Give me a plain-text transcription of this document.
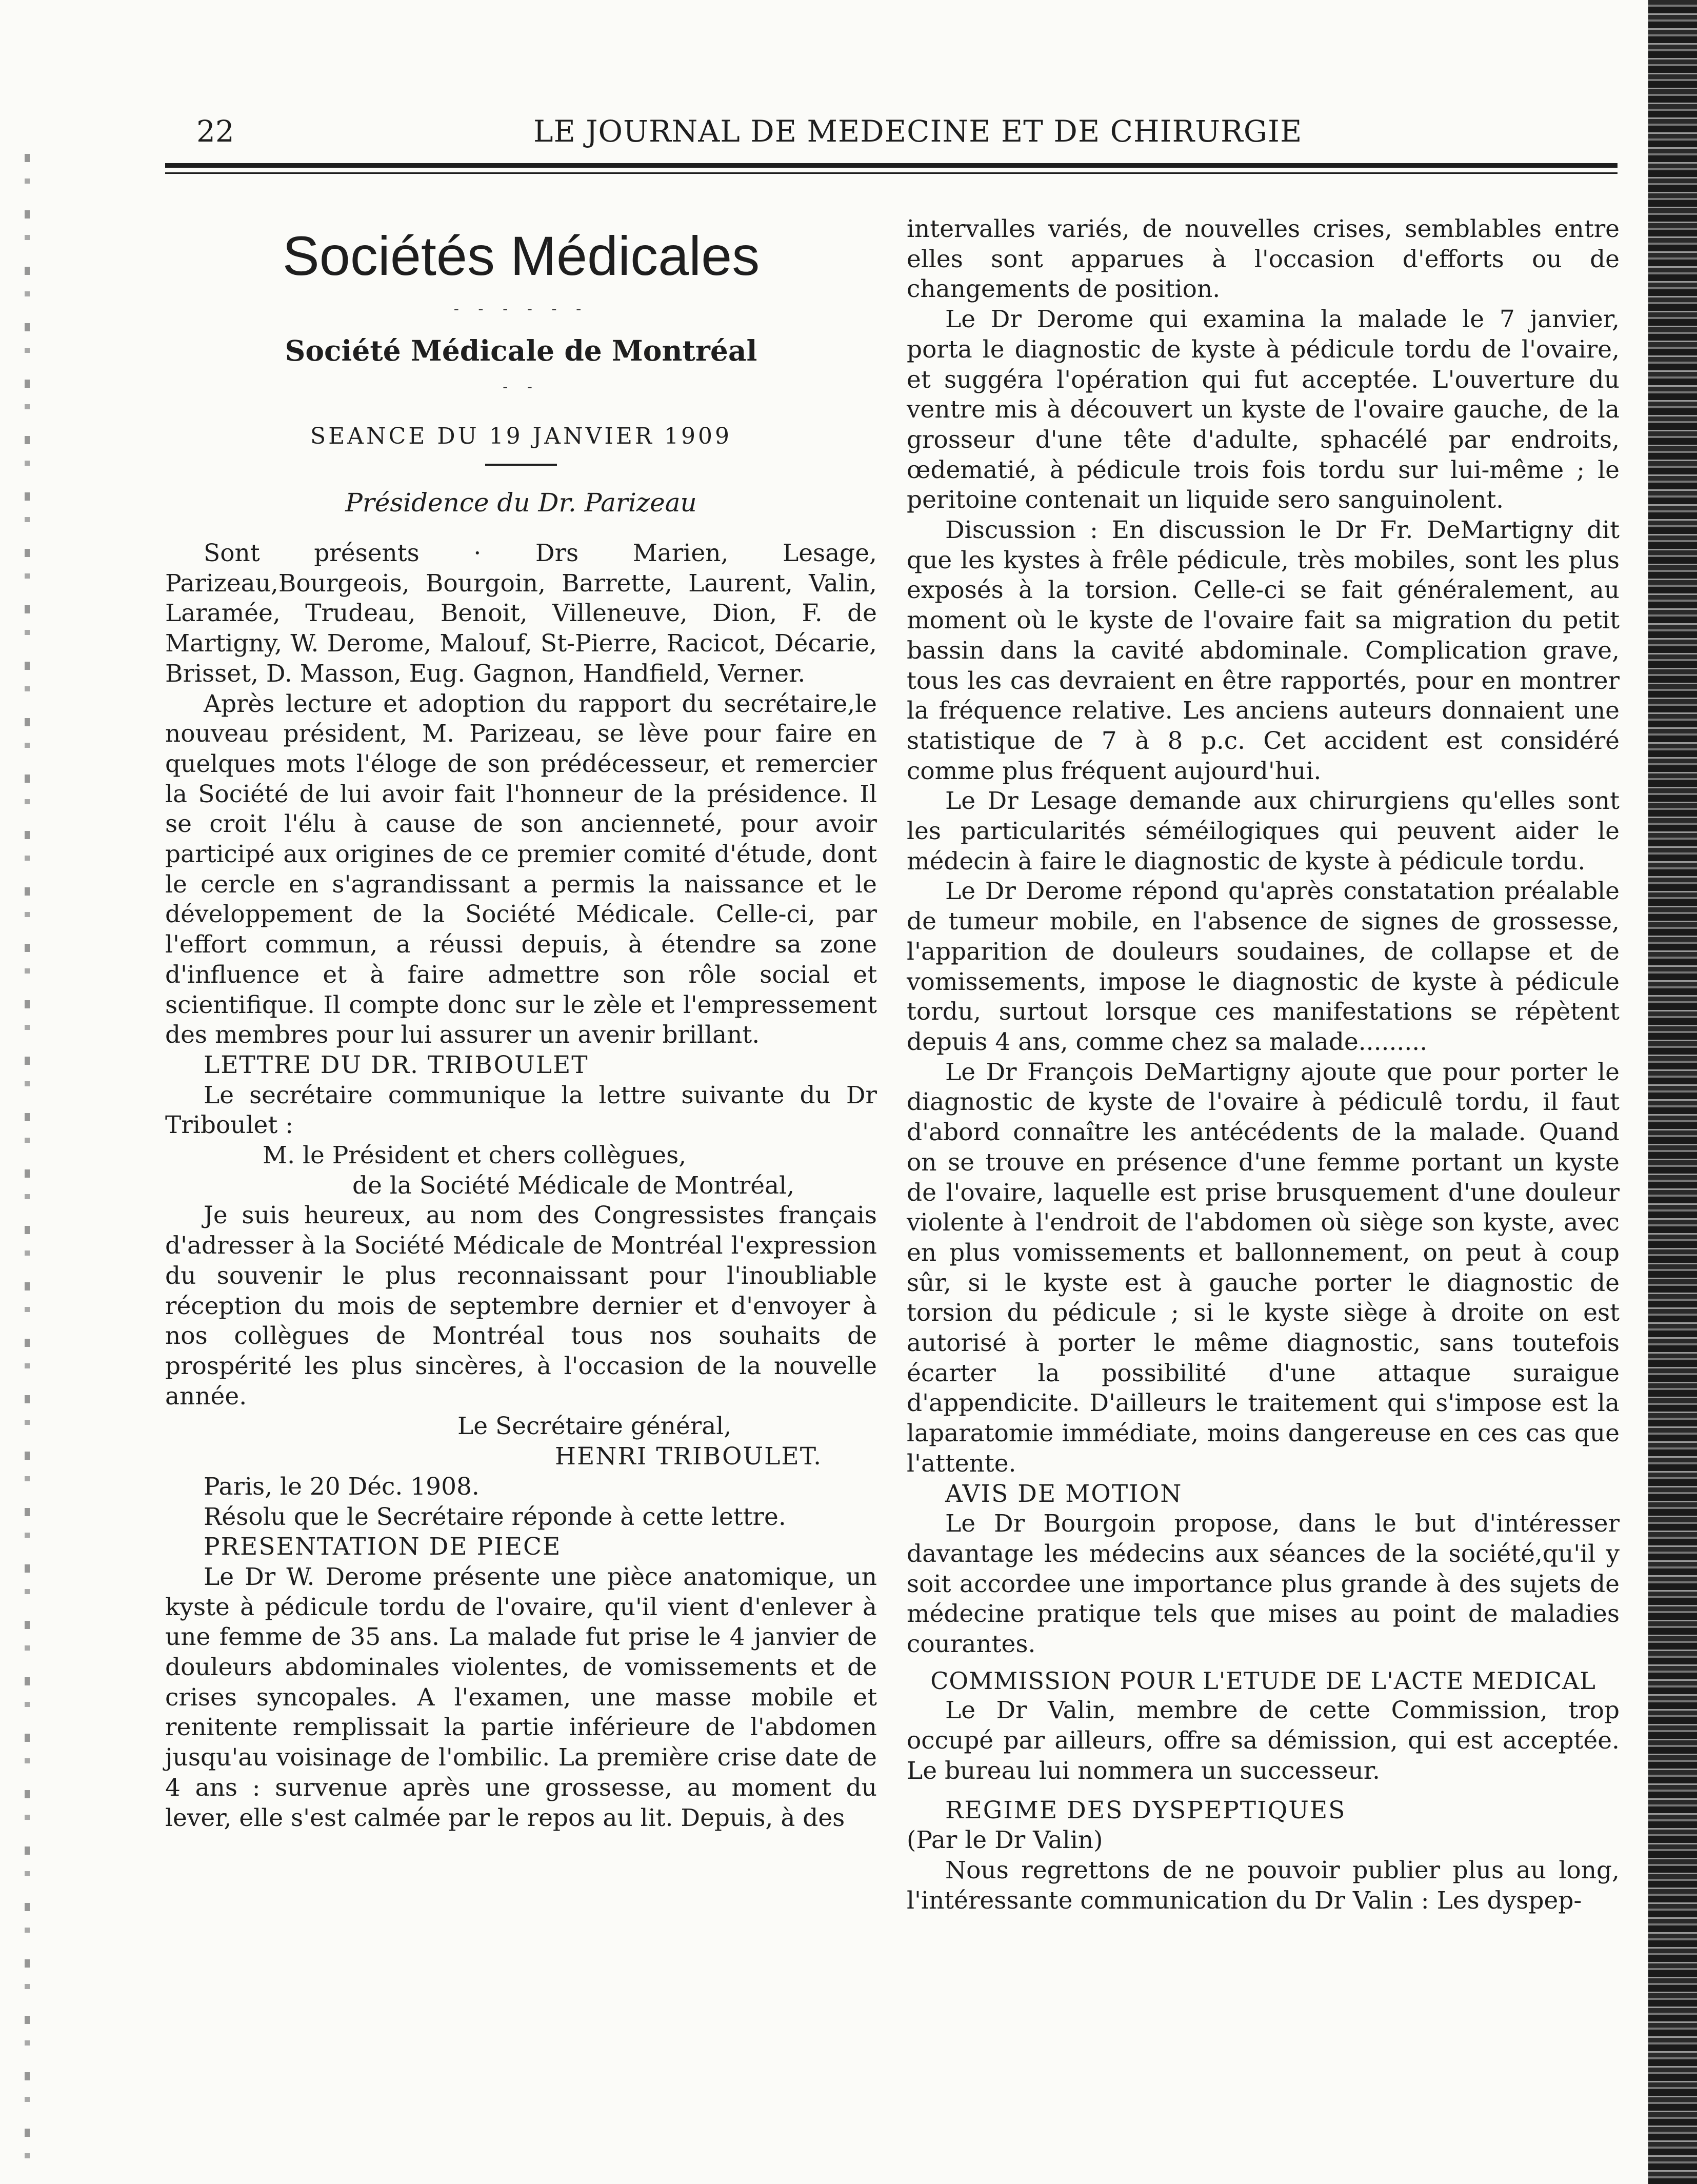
22	LE JOURNAL DE MEDECINE ET DE CHIRURGIE
Sociétés Médicales
- - - - - -
Société Médicale de Montréal
- -
SEANCE DU 19 JANVIER 1909
Présidence du Dr. Parizeau

Sont présents · Drs Marien, Lesage, Parizeau,Bourgeois, Bourgoin, Barrette, Laurent, Valin, Laramée, Trudeau, Benoit, Villeneuve, Dion, F. de Martigny, W. Derome, Malouf, St-Pierre, Racicot, Décarie, Brisset, D. Masson, Eug. Gagnon, Handfield, Verner.

Après lecture et adoption du rapport du secrétaire,le nouveau président, M. Parizeau, se lève pour faire en quelques mots l'éloge de son prédécesseur, et remercier la Société de lui avoir fait l'honneur de la présidence. Il se croit l'élu à cause de son ancienneté, pour avoir participé aux origines de ce premier comité d'étude, dont le cercle en s'agrandissant a permis la naissance et le développement de la Société Médicale. Celle-ci, par l'effort commun, a réussi depuis, à étendre sa zone d'influence et à faire admettre son rôle social et scientifique. Il compte donc sur le zèle et l'empressement des membres pour lui assurer un avenir brillant.

LETTRE DU DR. TRIBOULET

Le secrétaire communique la lettre suivante du Dr Triboulet :

M. le Président et chers collègues,

de la Société Médicale de Montréal,

Je suis heureux, au nom des Congressistes français d'adresser à la Société Médicale de Montréal l'expression du souvenir le plus reconnaissant pour l'inoubliable réception du mois de septembre dernier et d'envoyer à nos collègues de Montréal tous nos souhaits de prospérité les plus sincères, à l'occasion de la nouvelle année.

Le Secrétaire général,

HENRI TRIBOULET.

Paris, le 20 Déc. 1908.

Résolu que le Secrétaire réponde à cette lettre.

PRESENTATION DE PIECE

Le Dr W. Derome présente une pièce anatomique, un kyste à pédicule tordu de l'ovaire, qu'il vient d'enlever à une femme de 35 ans. La malade fut prise le 4 janvier de douleurs abdominales violentes, de vomissements et de crises syncopales. A l'examen, une masse mobile et renitente remplissait la partie inférieure de l'abdomen jusqu'au voisinage de l'ombilic. La première crise date de 4 ans : survenue après une grossesse, au moment du lever, elle s'est calmée par le repos au lit. Depuis, à des

intervalles variés, de nouvelles crises, semblables entre elles sont apparues à l'occasion d'efforts ou de changements de position.

Le Dr Derome qui examina la malade le 7 janvier, porta le diagnostic de kyste à pédicule tordu de l'ovaire, et suggéra l'opération qui fut acceptée. L'ouverture du ventre mis à découvert un kyste de l'ovaire gauche, de la grosseur d'une tête d'adulte, sphacélé par endroits, œdematié, à pédicule trois fois tordu sur lui-même ; le peritoine contenait un liquide sero sanguinolent.

Discussion : En discussion le Dr Fr. DeMartigny dit que les kystes à frêle pédicule, très mobiles, sont les plus exposés à la torsion. Celle-ci se fait généralement, au moment où le kyste de l'ovaire fait sa migration du petit bassin dans la cavité abdominale. Complication grave, tous les cas devraient en être rapportés, pour en montrer la fréquence relative. Les anciens auteurs donnaient une statistique de 7 à 8 p.c. Cet accident est considéré comme plus fréquent aujourd'hui.

Le Dr Lesage demande aux chirurgiens qu'elles sont les particularités séméilogiques qui peuvent aider le médecin à faire le diagnostic de kyste à pédicule tordu.

Le Dr Derome répond qu'après constatation préalable de tumeur mobile, en l'absence de signes de grossesse, l'apparition de douleurs soudaines, de collapse et de vomissements, impose le diagnostic de kyste à pédicule tordu, surtout lorsque ces manifestations se répètent depuis 4 ans, comme chez sa malade.........

Le Dr François DeMartigny ajoute que pour porter le diagnostic de kyste de l'ovaire à pédiculê tordu, il faut d'abord connaître les antécédents de la malade. Quand on se trouve en présence d'une femme portant un kyste de l'ovaire, laquelle est prise brusquement d'une douleur violente à l'endroit de l'abdomen où siège son kyste, avec en plus vomissements et ballonnement, on peut à coup sûr, si le kyste est à gauche porter le diagnostic de torsion du pédicule ; si le kyste siège à droite on est autorisé à porter le même diagnostic, sans toutefois écarter la possibilité d'une attaque suraigue d'appendicite. D'ailleurs le traitement qui s'impose est la laparatomie immédiate, moins dangereuse en ces cas que l'attente.

AVIS DE MOTION

Le Dr Bourgoin propose, dans le but d'intéresser davantage les médecins aux séances de la société,qu'il y soit accordee une importance plus grande à des sujets de médecine pratique tels que mises au point de maladies courantes.

COMMISSION POUR L'ETUDE DE L'ACTE MEDICAL

Le Dr Valin, membre de cette Commission, trop occupé par ailleurs, offre sa démission, qui est acceptée. Le bureau lui nommera un successeur.

REGIME DES DYSPEPTIQUES

(Par le Dr Valin)

Nous regrettons de ne pouvoir publier plus au long, l'intéressante communication du Dr Valin : Les dyspep-
